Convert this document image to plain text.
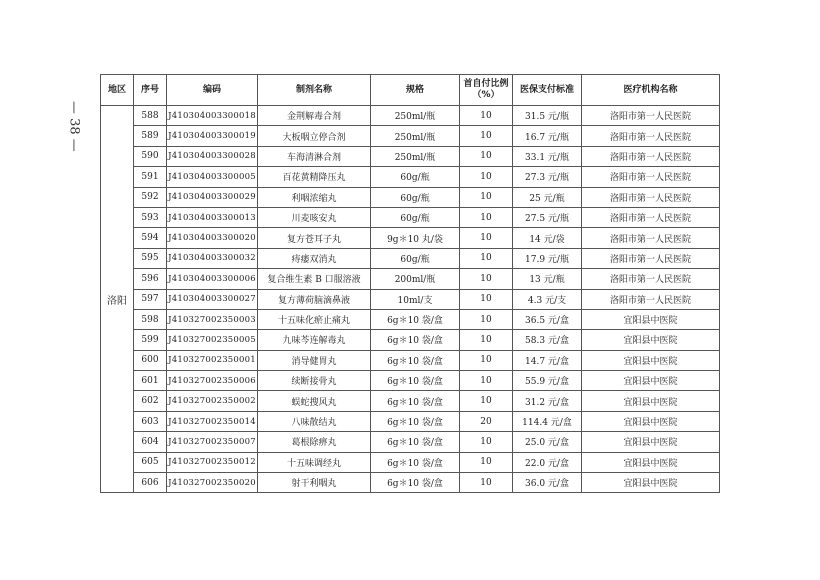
— 38 —
地区	序号	编码	制剂名称	规格	首自付比例
（%）	医保支付标准	医疗机构名称
洛阳	588	J410304003300018	金荆解毒合剂	250ml/瓶	10	31.5 元/瓶	洛阳市第一人民医院
	589	J410304003300019	大板咽立停合剂	250ml/瓶	10	16.7 元/瓶	洛阳市第一人民医院
	590	J410304003300028	车海清淋合剂	250ml/瓶	10	33.1 元/瓶	洛阳市第一人民医院
	591	J410304003300005	百花黄精降压丸	60g/瓶	10	27.3 元/瓶	洛阳市第一人民医院
	592	J410304003300029	利咽浓缩丸	60g/瓶	10	25 元/瓶	洛阳市第一人民医院
	593	J410304003300013	川麦咳安丸	60g/瓶	10	27.5 元/瓶	洛阳市第一人民医院
	594	J410304003300020	复方苍耳子丸	9g＊10 丸/袋	10	14 元/袋	洛阳市第一人民医院
	595	J410304003300032	痔痿双消丸	60g/瓶	10	17.9 元/瓶	洛阳市第一人民医院
	596	J410304003300006	复合维生素 B 口服溶液	200ml/瓶	10	13 元/瓶	洛阳市第一人民医院
	597	J410304003300027	复方薄荷脑滴鼻液	10ml/支	10	4.3 元/支	洛阳市第一人民医院
	598	J410327002350003	十五味化瘀止痛丸	6g＊10 袋/盒	10	36.5 元/盒	宜阳县中医院
	599	J410327002350005	九味芩连解毒丸	6g＊10 袋/盒	10	58.3 元/盒	宜阳县中医院
	600	J410327002350001	消导健胃丸	6g＊10 袋/盒	10	14.7 元/盒	宜阳县中医院
	601	J410327002350006	续断接骨丸	6g＊10 袋/盒	10	55.9 元/盒	宜阳县中医院
	602	J410327002350002	蜈蛇搜风丸	6g＊10 袋/盒	10	31.2 元/盒	宜阳县中医院
	603	J410327002350014	八味散结丸	6g＊10 袋/盒	20	114.4 元/盒	宜阳县中医院
	604	J410327002350007	葛根除痹丸	6g＊10 袋/盒	10	25.0 元/盒	宜阳县中医院
	605	J410327002350012	十五味调经丸	6g＊10 袋/盒	10	22.0 元/盒	宜阳县中医院
	606	J410327002350020	射干利咽丸	6g＊10 袋/盒	10	36.0 元/盒	宜阳县中医院
